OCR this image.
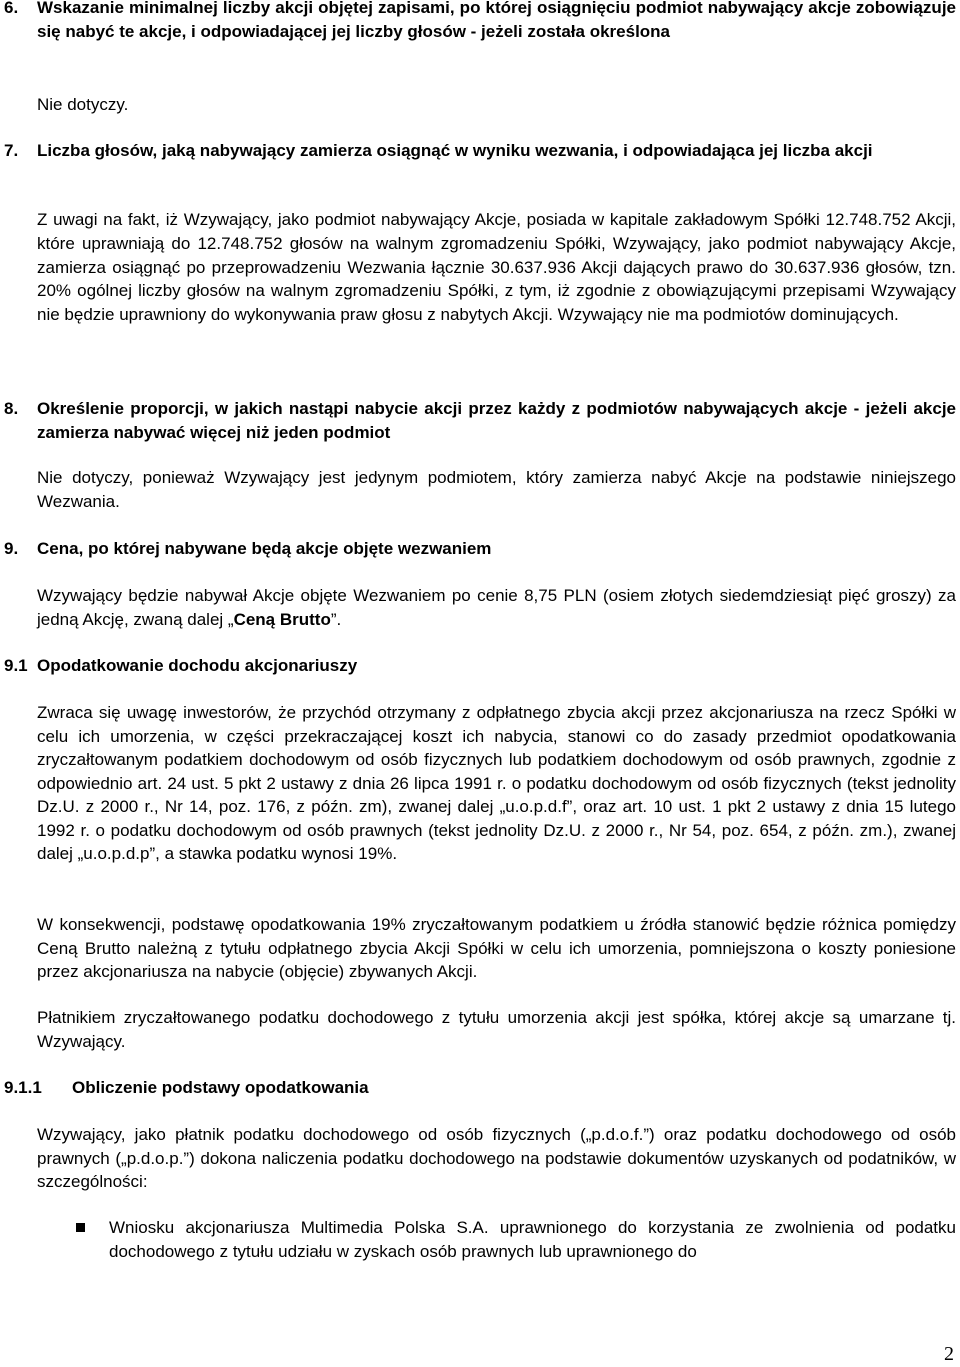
6. Wskazanie minimalnej liczby akcji objętej zapisami, po której osiągnięciu podmiot nabywający akcje zobowiązuje się nabyć te akcje, i odpowiadającej jej liczby głosów - jeżeli została określona

Nie dotyczy.

7. Liczba głosów, jaką nabywający zamierza osiągnąć w wyniku wezwania, i odpowiadająca jej liczba akcji

Z uwagi na fakt, iż Wzywający, jako podmiot nabywający Akcje, posiada w kapitale zakładowym Spółki 12.748.752 Akcji, które uprawniają do 12.748.752 głosów na walnym zgromadzeniu Spółki, Wzywający, jako podmiot nabywający Akcje, zamierza osiągnąć po przeprowadzeniu Wezwania łącznie 30.637.936 Akcji dających prawo do 30.637.936 głosów, tzn. 20% ogólnej liczby głosów na walnym zgromadzeniu Spółki, z tym, iż zgodnie z obowiązującymi przepisami Wzywający nie będzie uprawniony do wykonywania praw głosu z nabytych Akcji. Wzywający nie ma podmiotów dominujących.

8. Określenie proporcji, w jakich nastąpi nabycie akcji przez każdy z podmiotów nabywających akcje - jeżeli akcje zamierza nabywać więcej niż jeden podmiot

Nie dotyczy, ponieważ Wzywający jest jedynym podmiotem, który zamierza nabyć Akcje na podstawie niniejszego Wezwania.

9. Cena, po której nabywane będą akcje objęte wezwaniem

Wzywający będzie nabywał Akcje objęte Wezwaniem po cenie 8,75 PLN (osiem złotych siedemdziesiąt pięć groszy) za jedną Akcję, zwaną dalej „Ceną Brutto”.

9.1 Opodatkowanie dochodu akcjonariuszy

Zwraca się uwagę inwestorów, że przychód otrzymany z odpłatnego zbycia akcji przez akcjonariusza na rzecz Spółki w celu ich umorzenia, w części przekraczającej koszt ich nabycia, stanowi co do zasady przedmiot opodatkowania zryczałtowanym podatkiem dochodowym od osób fizycznych lub podatkiem dochodowym od osób prawnych, zgodnie z odpowiednio art. 24 ust. 5 pkt 2 ustawy z dnia 26 lipca 1991 r. o podatku dochodowym od osób fizycznych (tekst jednolity Dz.U. z 2000 r., Nr 14, poz. 176, z późn. zm), zwanej dalej „u.o.p.d.f”, oraz art. 10 ust. 1 pkt 2 ustawy z dnia 15 lutego 1992 r. o podatku dochodowym od osób prawnych (tekst jednolity Dz.U. z 2000 r., Nr 54, poz. 654, z późn. zm.), zwanej dalej „u.o.p.d.p”, a stawka podatku wynosi 19%.

W konsekwencji, podstawę opodatkowania 19% zryczałtowanym podatkiem u źródła stanowić będzie różnica pomiędzy Ceną Brutto należną z tytułu odpłatnego zbycia Akcji Spółki w celu ich umorzenia, pomniejszona o koszty poniesione przez akcjonariusza na nabycie (objęcie) zbywanych Akcji.

Płatnikiem zryczałtowanego podatku dochodowego z tytułu umorzenia akcji jest spółka, której akcje są umarzane tj. Wzywający.

9.1.1 Obliczenie podstawy opodatkowania

Wzywający, jako płatnik podatku dochodowego od osób fizycznych („p.d.o.f.”) oraz podatku dochodowego od osób prawnych („p.d.o.p.”) dokona naliczenia podatku dochodowego na podstawie dokumentów uzyskanych od podatników, w szczególności:

Wniosku akcjonariusza Multimedia Polska S.A. uprawnionego do korzystania ze zwolnienia od podatku dochodowego z tytułu udziału w zyskach osób prawnych lub uprawnionego do

2
